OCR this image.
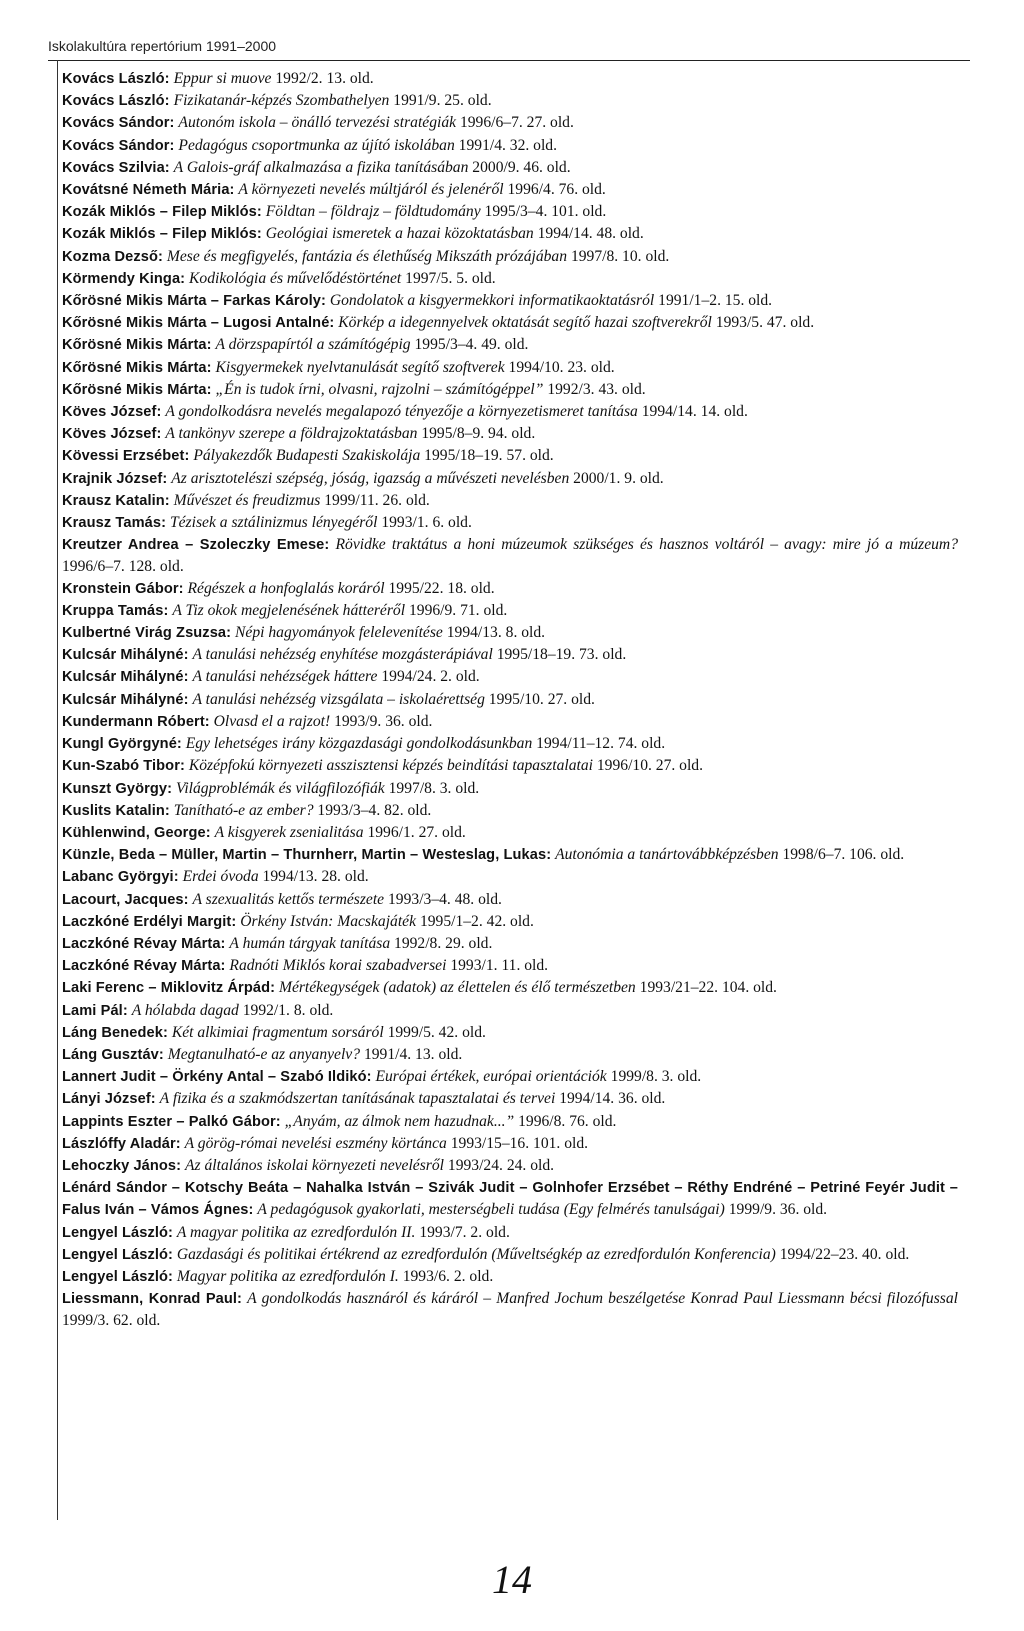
Iskolakultúra repertórium 1991–2000
Kovács László: Eppur si muove 1992/2. 13. old.
Kovács László: Fizikatanár-képzés Szombathelyen 1991/9. 25. old.
Kovács Sándor: Autonóm iskola – önálló tervezési stratégiák 1996/6–7. 27. old.
Kovács Sándor: Pedagógus csoportmunka az újító iskolában 1991/4. 32. old.
Kovács Szilvia: A Galois-gráf alkalmazása a fizika tanításában 2000/9. 46. old.
Kovátsné Németh Mária: A környezeti nevelés múltjáról és jelenéről 1996/4. 76. old.
Kozák Miklós – Filep Miklós: Földtan – földrajz – földtudomány 1995/3–4. 101. old.
Kozák Miklós – Filep Miklós: Geológiai ismeretek a hazai közoktatásban 1994/14. 48. old.
Kozma Dezső: Mese és megfigyelés, fantázia és élethűség Mikszáth prózájában 1997/8. 10. old.
Körmendy Kinga: Kodikológia és művelődéstörténet 1997/5. 5. old.
Kőrösné Mikis Márta – Farkas Károly: Gondolatok a kisgyermekkori informatikaoktatásról 1991/1–2. 15. old.
Kőrösné Mikis Márta – Lugosi Antalné: Körkép a idegennyelvek oktatását segítő hazai szoftverekről 1993/5. 47. old.
Kőrösné Mikis Márta: A dörzspapírtól a számítógépig 1995/3–4. 49. old.
Kőrösné Mikis Márta: Kisgyermekek nyelvtanulását segítő szoftverek 1994/10. 23. old.
Kőrösné Mikis Márta: „Én is tudok írni, olvasni, rajzolni – számítógéppel” 1992/3. 43. old.
Köves József: A gondolkodásra nevelés megalapozó tényezője a környezetismeret tanítása 1994/14. 14. old.
Köves József: A tankönyv szerepe a földrajzoktatásban 1995/8–9. 94. old.
Kövessi Erzsébet: Pályakezdők Budapesti Szakiskolája 1995/18–19. 57. old.
Krajnik József: Az arisztotelészi szépség, jóság, igazság a művészeti nevelésben 2000/1. 9. old.
Krausz Katalin: Művészet és freudizmus 1999/11. 26. old.
Krausz Tamás: Tézisek a sztálinizmus lényegéről 1993/1. 6. old.
Kreutzer Andrea – Szoleczky Emese: Rövidke traktátus a honi múzeumok szükséges és hasznos voltáról – avagy: mire jó a múzeum? 1996/6–7. 128. old.
Kronstein Gábor: Régészek a honfoglalás koráról 1995/22. 18. old.
Kruppa Tamás: A Tiz okok megjelenésének hátteréről 1996/9. 71. old.
Kulbertné Virág Zsuzsa: Népi hagyományok felelevenítése 1994/13. 8. old.
Kulcsár Mihályné: A tanulási nehézség enyhítése mozgásterápiával 1995/18–19. 73. old.
Kulcsár Mihályné: A tanulási nehézségek háttere 1994/24. 2. old.
Kulcsár Mihályné: A tanulási nehézség vizsgálata – iskolaérettség 1995/10. 27. old.
Kundermann Róbert: Olvasd el a rajzot! 1993/9. 36. old.
Kungl Györgyné: Egy lehetséges irány közgazdasági gondolkodásunkban 1994/11–12. 74. old.
Kun-Szabó Tibor: Középfokú környezeti asszisztensi képzés beindítási tapasztalatai 1996/10. 27. old.
Kunszt György: Világproblémák és világfilozófiák 1997/8. 3. old.
Kuslits Katalin: Tanítható-e az ember? 1993/3–4. 82. old.
Kühlenwind, George: A kisgyerek zsenialitása 1996/1. 27. old.
Künzle, Beda – Müller, Martin – Thurnherr, Martin – Westeslag, Lukas: Autonómia a tanártovábbképzésben 1998/6–7. 106. old.
Labanc Györgyi: Erdei óvoda 1994/13. 28. old.
Lacourt, Jacques: A szexualitás kettős természete 1993/3–4. 48. old.
Laczkóné Erdélyi Margit: Örkény István: Macskajáték 1995/1–2. 42. old.
Laczkóné Révay Márta: A humán tárgyak tanítása 1992/8. 29. old.
Laczkóné Révay Márta: Radnóti Miklós korai szabadversei 1993/1. 11. old.
Laki Ferenc – Miklovitz Árpád: Mértékegységek (adatok) az élettelen és élő természetben 1993/21–22. 104. old.
Lami Pál: A hólabda dagad 1992/1. 8. old.
Láng Benedek: Két alkimiai fragmentum sorsáról 1999/5. 42. old.
Láng Gusztáv: Megtanulható-e az anyanyelv? 1991/4. 13. old.
Lannert Judit – Örkény Antal – Szabó Ildikó: Európai értékek, európai orientációk 1999/8. 3. old.
Lányi József: A fizika és a szakmódszertan tanításának tapasztalatai és tervei 1994/14. 36. old.
Lappints Eszter – Palkó Gábor: „Anyám, az álmok nem hazudnak...” 1996/8. 76. old.
Lászlóffy Aladár: A görög-római nevelési eszmény körtánca 1993/15–16. 101. old.
Lehoczky János: Az általános iskolai környezeti nevelésről 1993/24. 24. old.
Lénárd Sándor – Kotschy Beáta – Nahalka István – Szivák Judit – Golnhofer Erzsébet – Réthy Endréné – Petriné Feyér Judit – Falus Iván – Vámos Ágnes: A pedagógusok gyakorlati, mesterségbeli tudása (Egy felmérés tanulságai) 1999/9. 36. old.
Lengyel László: A magyar politika az ezredfordulón II. 1993/7. 2. old.
Lengyel László: Gazdasági és politikai értékrend az ezredfordulón (Műveltségkép az ezredfordulón Konferencia) 1994/22–23. 40. old.
Lengyel László: Magyar politika az ezredfordulón I. 1993/6. 2. old.
Liessmann, Konrad Paul: A gondolkodás hasznáról és káráról – Manfred Jochum beszélgetése Konrad Paul Liessmann bécsi filozófussal 1999/3. 62. old.
14
